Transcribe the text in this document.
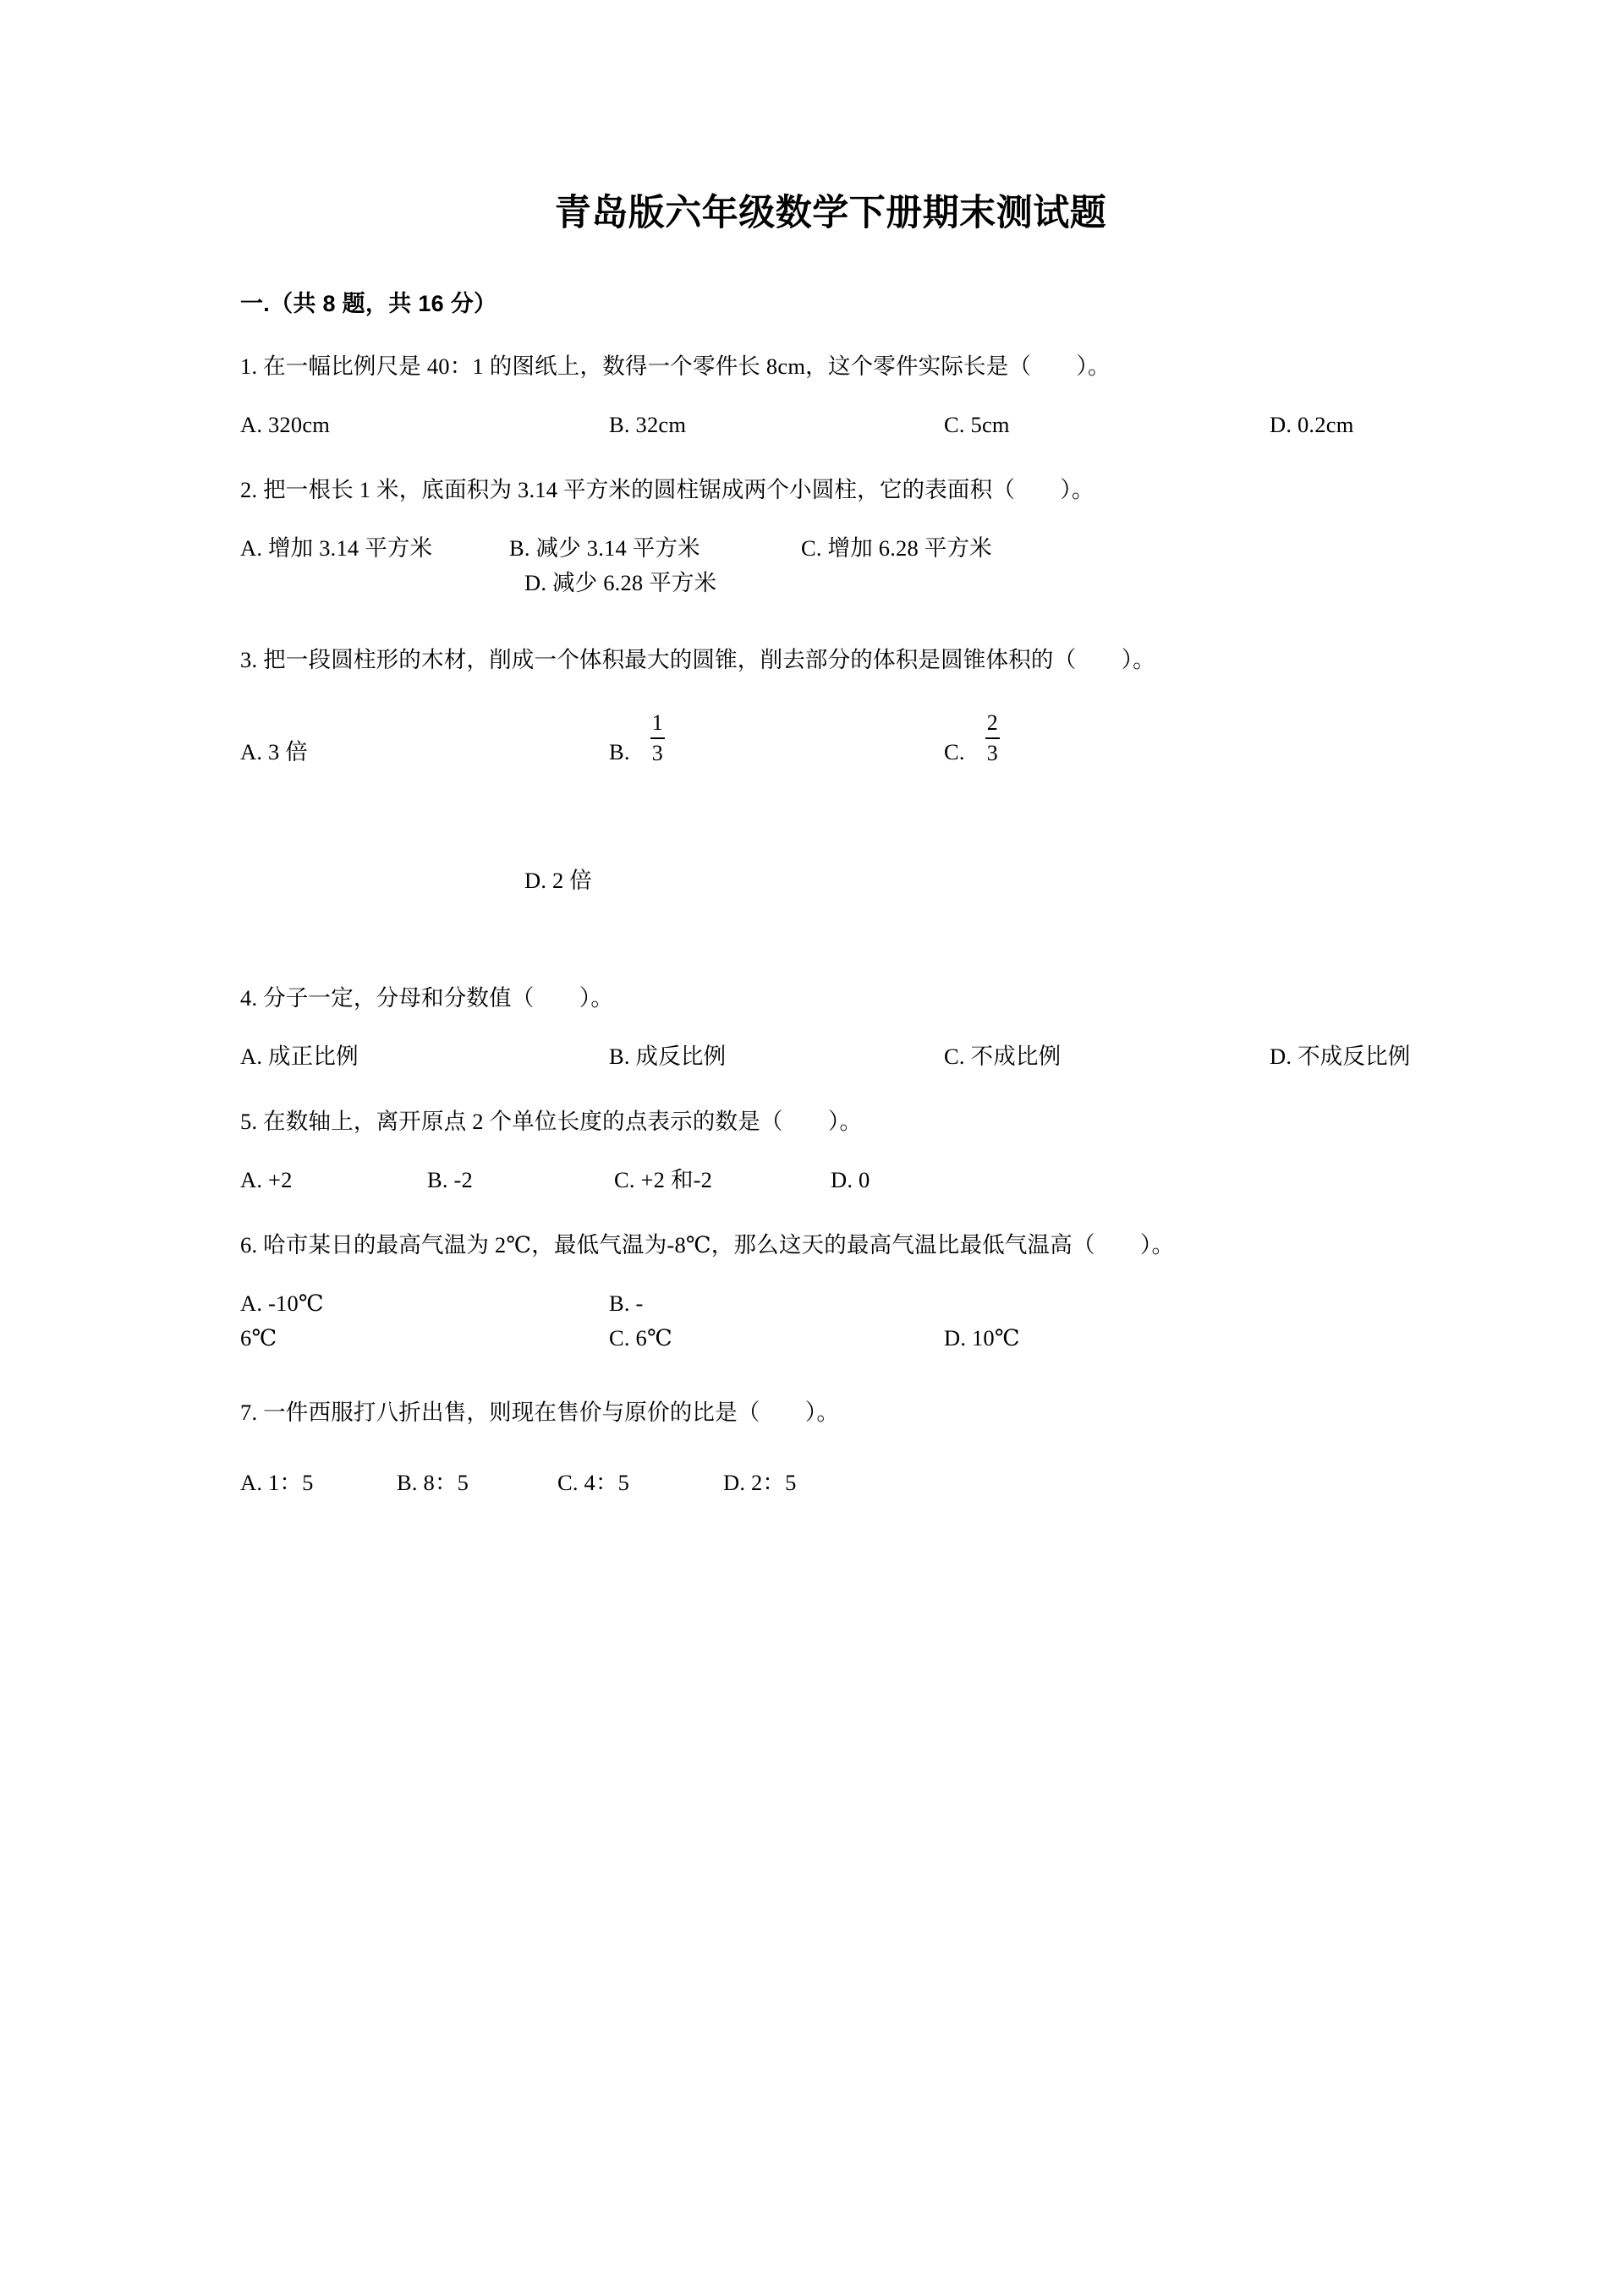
青岛版六年级数学下册期末测试题
一.（共 8 题，共 16 分）
1. 在一幅比例尺是 40：1 的图纸上，数得一个零件长 8cm，这个零件实际长是（　　）。
A. 320cm	B. 32cm	C. 5cm	D. 0.2cm
2. 把一根长 1 米，底面积为 3.14 平方米的圆柱锯成两个小圆柱，它的表面积（　　）。
A. 增加 3.14 平方米	B. 减少 3.14 平方米	C. 增加 6.28 平方米
D. 减少 6.28 平方米
3. 把一段圆柱形的木材，削成一个体积最大的圆锥，削去部分的体积是圆锥体积的（　　）。
A. 3 倍	B. $\frac{1}{3}$	C. $\frac{2}{3}$
D. 2 倍
4. 分子一定，分母和分数值（　　）。
A. 成正比例	B. 成反比例	C. 不成比例	D. 不成反比例
5. 在数轴上，离开原点 2 个单位长度的点表示的数是（　　）。
A. +2	B. -2	C. +2 和-2	D. 0
6. 哈市某日的最高气温为 2℃，最低气温为-8℃，那么这天的最高气温比最低气温高（　　）。
A. -10℃	B. -
6℃	C. 6℃	D. 10℃
7. 一件西服打八折出售，则现在售价与原价的比是（　　）。
A. 1：5	B. 8：5	C. 4：5	D. 2：5
